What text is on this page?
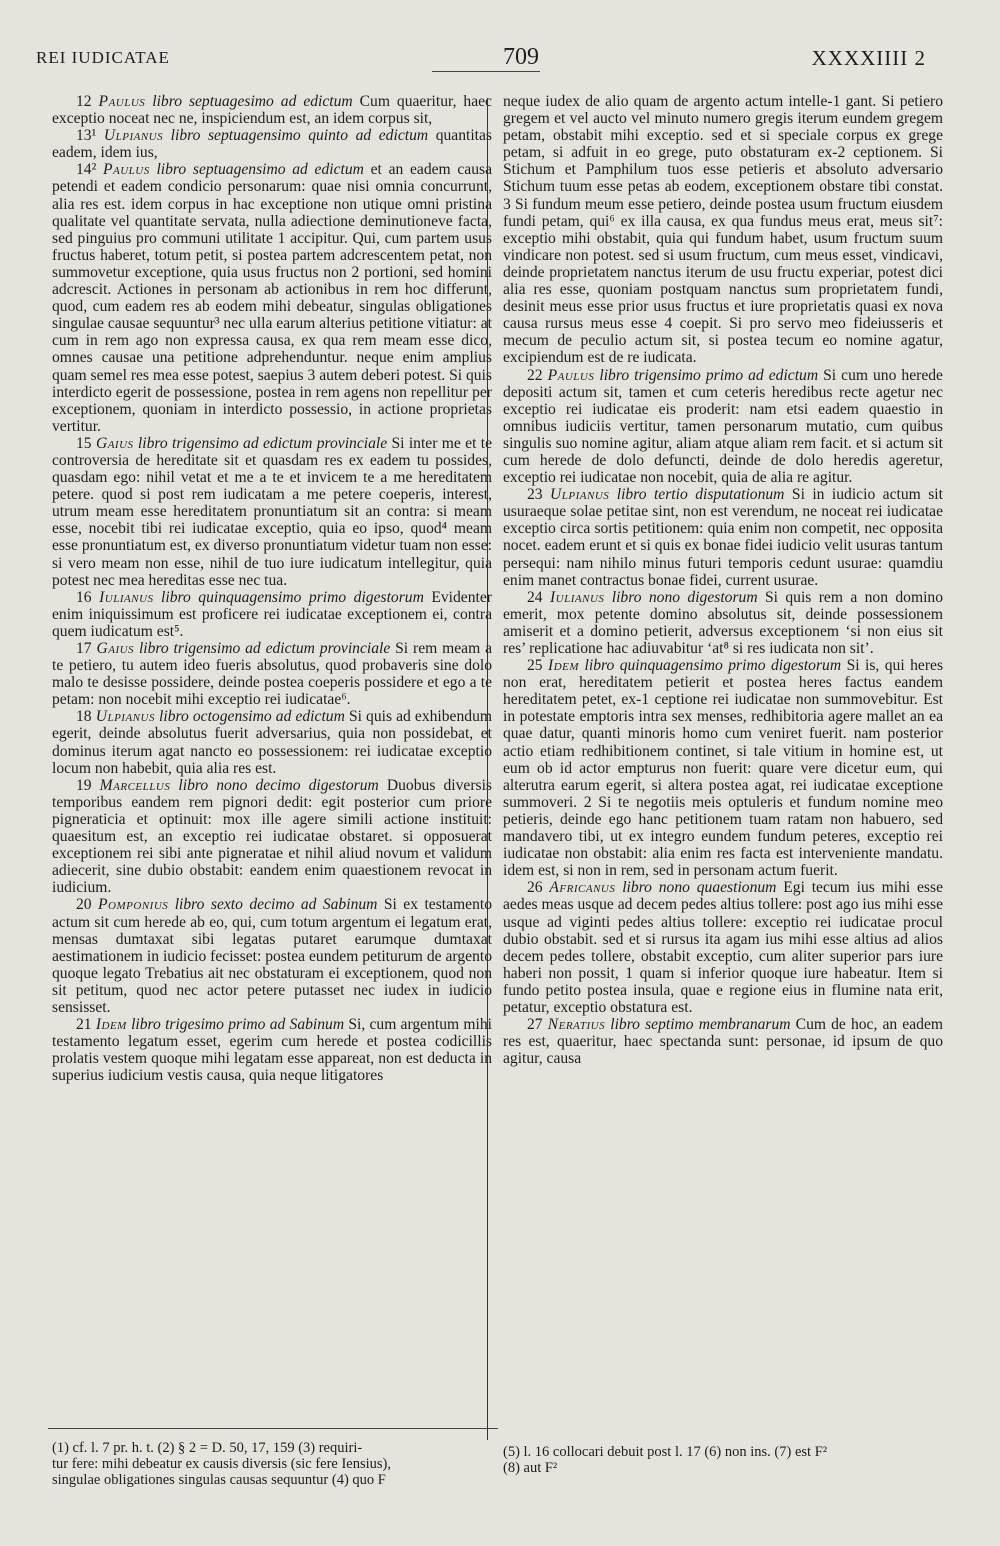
REI IUDICATAE	709	XXXXIIII 2

12 Paulus libro septuagesimo ad edictum Cum quaeritur, haec exceptio noceat nec ne, inspiciendum est, an idem corpus sit,

13¹ Ulpianus libro septuagensimo quinto ad edictum quantitas eadem, idem ius,

14² Paulus libro septuagensimo ad edictum et an eadem causa petendi et eadem condicio personarum: quae nisi omnia concurrunt, alia res est. idem corpus in hac exceptione non utique omni pristina qualitate vel quantitate servata, nulla adiectione deminutioneve facta, sed pinguius pro communi utilitate 1 accipitur. Qui, cum partem usus fructus haberet, totum petit, si postea partem adcrescentem petat, non summovetur exceptione, quia usus fructus non 2 portioni, sed homini adcrescit. Actiones in personam ab actionibus in rem hoc differunt, quod, cum eadem res ab eodem mihi debeatur, singulas obligationes singulae causae sequuntur³ nec ulla earum alterius petitione vitiatur: at cum in rem ago non expressa causa, ex qua rem meam esse dico, omnes causae una petitione adprehenduntur. neque enim amplius quam semel res mea esse potest, saepius 3 autem deberi potest. Si quis interdicto egerit de possessione, postea in rem agens non repellitur per exceptionem, quoniam in interdicto possessio, in actione proprietas vertitur.

15 Gaius libro trigensimo ad edictum provinciale Si inter me et te controversia de hereditate sit et quasdam res ex eadem tu possides, quasdam ego: nihil vetat et me a te et invicem te a me hereditatem petere. quod si post rem iudicatam a me petere coeperis, interest, utrum meam esse hereditatem pronuntiatum sit an contra: si meam esse, nocebit tibi rei iudicatae exceptio, quia eo ipso, quod⁴ meam esse pronuntiatum est, ex diverso pronuntiatum videtur tuam non esse: si vero meam non esse, nihil de tuo iure iudicatum intellegitur, quia potest nec mea hereditas esse nec tua.

16 Iulianus libro quinquagensimo primo digestorum Evidenter enim iniquissimum est proficere rei iudicatae exceptionem ei, contra quem iudicatum est⁵.

17 Gaius libro trigensimo ad edictum provinciale Si rem meam a te petiero, tu autem ideo fueris absolutus, quod probaveris sine dolo malo te desisse possidere, deinde postea coeperis possidere et ego a te petam: non nocebit mihi exceptio rei iudicatae⁶.

18 Ulpianus libro octogensimo ad edictum Si quis ad exhibendum egerit, deinde absolutus fuerit adversarius, quia non possidebat, et dominus iterum agat nancto eo possessionem: rei iudicatae exceptio locum non habebit, quia alia res est.

19 Marcellus libro nono decimo digestorum Duobus diversis temporibus eandem rem pignori dedit: egit posterior cum priore pigneraticia et optinuit: mox ille agere simili actione instituit: quaesitum est, an exceptio rei iudicatae obstaret. si opposuerat exceptionem rei sibi ante pigneratae et nihil aliud novum et validum adiecerit, sine dubio obstabit: eandem enim quaestionem revocat in iudicium.

20 Pomponius libro sexto decimo ad Sabinum Si ex testamento actum sit cum herede ab eo, qui, cum totum argentum ei legatum erat, mensas dumtaxat sibi legatas putaret earumque dumtaxat aestimationem in iudicio fecisset: postea eundem petiturum de argento quoque legato Trebatius ait nec obstaturam ei exceptionem, quod non sit petitum, quod nec actor petere putasset nec iudex in iudicio sensisset.

21 Idem libro trigesimo primo ad Sabinum Si, cum argentum mihi testamento legatum esset, egerim cum herede et postea codicillis prolatis vestem quoque mihi legatam esse appareat, non est deducta in superius iudicium vestis causa, quia neque litigatores

neque iudex de alio quam de argento actum intelle-1 gant. Si petiero gregem et vel aucto vel minuto numero gregis iterum eundem gregem petam, obstabit mihi exceptio. sed et si speciale corpus ex grege petam, si adfuit in eo grege, puto obstaturam ex-2 ceptionem. Si Stichum et Pamphilum tuos esse petieris et absoluto adversario Stichum tuum esse petas ab eodem, exceptionem obstare tibi constat. 3 Si fundum meum esse petiero, deinde postea usum fructum eiusdem fundi petam, qui⁶ ex illa causa, ex qua fundus meus erat, meus sit⁷: exceptio mihi obstabit, quia qui fundum habet, usum fructum suum vindicare non potest. sed si usum fructum, cum meus esset, vindicavi, deinde proprietatem nanctus iterum de usu fructu experiar, potest dici alia res esse, quoniam postquam nanctus sum proprietatem fundi, desinit meus esse prior usus fructus et iure proprietatis quasi ex nova causa rursus meus esse 4 coepit. Si pro servo meo fideiusseris et mecum de peculio actum sit, si postea tecum eo nomine agatur, excipiendum est de re iudicata.

22 Paulus libro trigensimo primo ad edictum Si cum uno herede depositi actum sit, tamen et cum ceteris heredibus recte agetur nec exceptio rei iudicatae eis proderit: nam etsi eadem quaestio in omnibus iudiciis vertitur, tamen personarum mutatio, cum quibus singulis suo nomine agitur, aliam atque aliam rem facit. et si actum sit cum herede de dolo defuncti, deinde de dolo heredis ageretur, exceptio rei iudicatae non nocebit, quia de alia re agitur.

23 Ulpianus libro tertio disputationum Si in iudicio actum sit usuraeque solae petitae sint, non est verendum, ne noceat rei iudicatae exceptio circa sortis petitionem: quia enim non competit, nec opposita nocet. eadem erunt et si quis ex bonae fidei iudicio velit usuras tantum persequi: nam nihilo minus futuri temporis cedunt usurae: quamdiu enim manet contractus bonae fidei, current usurae.

24 Iulianus libro nono digestorum Si quis rem a non domino emerit, mox petente domino absolutus sit, deinde possessionem amiserit et a domino petierit, adversus exceptionem ‘si non eius sit res’ replicatione hac adiuvabitur ‘at⁸ si res iudicata non sit’.

25 Idem libro quinquagensimo primo digestorum Si is, qui heres non erat, hereditatem petierit et postea heres factus eandem hereditatem petet, ex-1 ceptione rei iudicatae non summovebitur. Est in potestate emptoris intra sex menses, redhibitoria agere mallet an ea quae datur, quanti minoris homo cum veniret fuerit. nam posterior actio etiam redhibitionem continet, si tale vitium in homine est, ut eum ob id actor empturus non fuerit: quare vere dicetur eum, qui alterutra earum egerit, si altera postea agat, rei iudicatae exceptione summoveri. 2 Si te negotiis meis optuleris et fundum nomine meo petieris, deinde ego hanc petitionem tuam ratam non habuero, sed mandavero tibi, ut ex integro eundem fundum peteres, exceptio rei iudicatae non obstabit: alia enim res facta est interveniente mandatu. idem est, si non in rem, sed in personam actum fuerit.

26 Africanus libro nono quaestionum Egi tecum ius mihi esse aedes meas usque ad decem pedes altius tollere: post ago ius mihi esse usque ad viginti pedes altius tollere: exceptio rei iudicatae procul dubio obstabit. sed et si rursus ita agam ius mihi esse altius ad alios decem pedes tollere, obstabit exceptio, cum aliter superior pars iure haberi non possit, 1 quam si inferior quoque iure habeatur. Item si fundo petito postea insula, quae e regione eius in flumine nata erit, petatur, exceptio obstatura est.

27 Neratius libro septimo membranarum Cum de hoc, an eadem res est, quaeritur, haec spectanda sunt: personae, id ipsum de quo agitur, causa

(1) cf. l. 7 pr. h. t. (2) § 2 = D. 50, 17, 159 (3) requiri-
tur fere: mihi debeatur ex causis diversis (sic fere Iensius),
singulae obligationes singulas causas sequuntur (4) quo F
(5) l. 16 collocari debuit post l. 17 (6) non ins. (7) est F²
(8) aut F²
